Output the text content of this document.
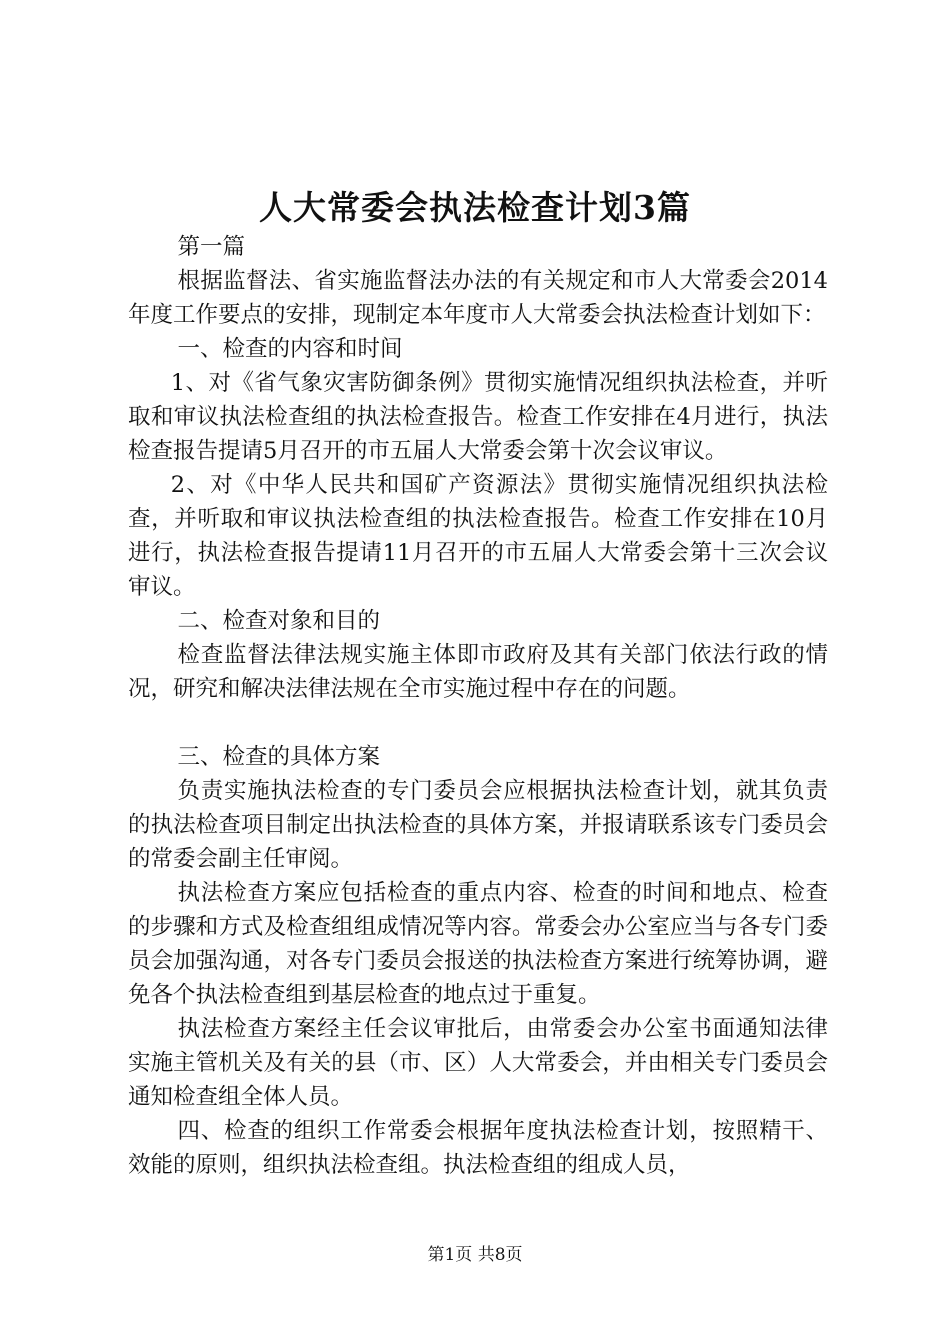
人大常委会执法检查计划3篇

第一篇

根据监督法、省实施监督法办法的有关规定和市人大常委会2014年度工作要点的安排，现制定本年度市人大常委会执法检查计划如下：

一、检查的内容和时间

1、对《省气象灾害防御条例》贯彻实施情况组织执法检查，并听取和审议执法检查组的执法检查报告。检查工作安排在4月进行，执法检查报告提请5月召开的市五届人大常委会第十次会议审议。

2、对《中华人民共和国矿产资源法》贯彻实施情况组织执法检查，并听取和审议执法检查组的执法检查报告。检查工作安排在10月进行，执法检查报告提请11月召开的市五届人大常委会第十三次会议审议。

二、检查对象和目的

检查监督法律法规实施主体即市政府及其有关部门依法行政的情况，研究和解决法律法规在全市实施过程中存在的问题。

三、检查的具体方案

负责实施执法检查的专门委员会应根据执法检查计划，就其负责的执法检查项目制定出执法检查的具体方案，并报请联系该专门委员会的常委会副主任审阅。

执法检查方案应包括检查的重点内容、检查的时间和地点、检查的步骤和方式及检查组组成情况等内容。常委会办公室应当与各专门委员会加强沟通，对各专门委员会报送的执法检查方案进行统筹协调，避免各个执法检查组到基层检查的地点过于重复。

执法检查方案经主任会议审批后，由常委会办公室书面通知法律实施主管机关及有关的县（市、区）人大常委会，并由相关专门委员会通知检查组全体人员。

四、检查的组织工作常委会根据年度执法检查计划，按照精干、效能的原则，组织执法检查组。执法检查组的组成人员，

第1页 共8页
